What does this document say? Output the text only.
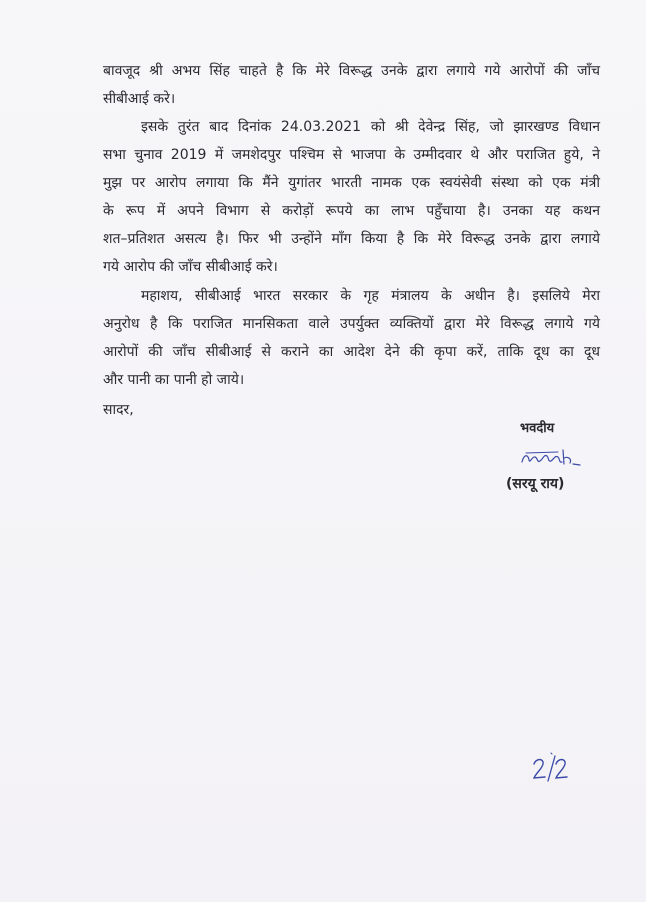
बावजूद श्री अभय सिंह चाहते है कि मेरे विरूद्ध उनके द्वारा लगाये गये आरोपों की जाँच
सीबीआई करे।
इसके तुरंत बाद दिनांक 24.03.2021 को श्री देवेन्द्र सिंह, जो झारखण्ड विधान
सभा चुनाव 2019 में जमशेदपुर पश्चिम से भाजपा के उम्मीदवार थे और पराजित हुये, ने
मुझ पर आरोप लगाया कि मैंने युगांतर भारती नामक एक स्वयंसेवी संस्था को एक मंत्री
के रूप में अपने विभाग से करोड़ों रूपये का लाभ पहुँचाया है। उनका यह कथन
शत–प्रतिशत असत्य है। फिर भी उन्होंने माँग किया है कि मेरे विरूद्ध उनके द्वारा लगाये
गये आरोप की जाँच सीबीआई करे।
महाशय, सीबीआई भारत सरकार के गृह मंत्रालय के अधीन है। इसलिये मेरा
अनुरोध है कि पराजित मानसिकता वाले उपर्युक्त व्यक्तियों द्वारा मेरे विरूद्ध लगाये गये
आरोपों की जाँच सीबीआई से कराने का आदेश देने की कृपा करें, ताकि दूध का दूध
और पानी का पानी हो जाये।

सादर,

भवदीय

(सरयू राय)
